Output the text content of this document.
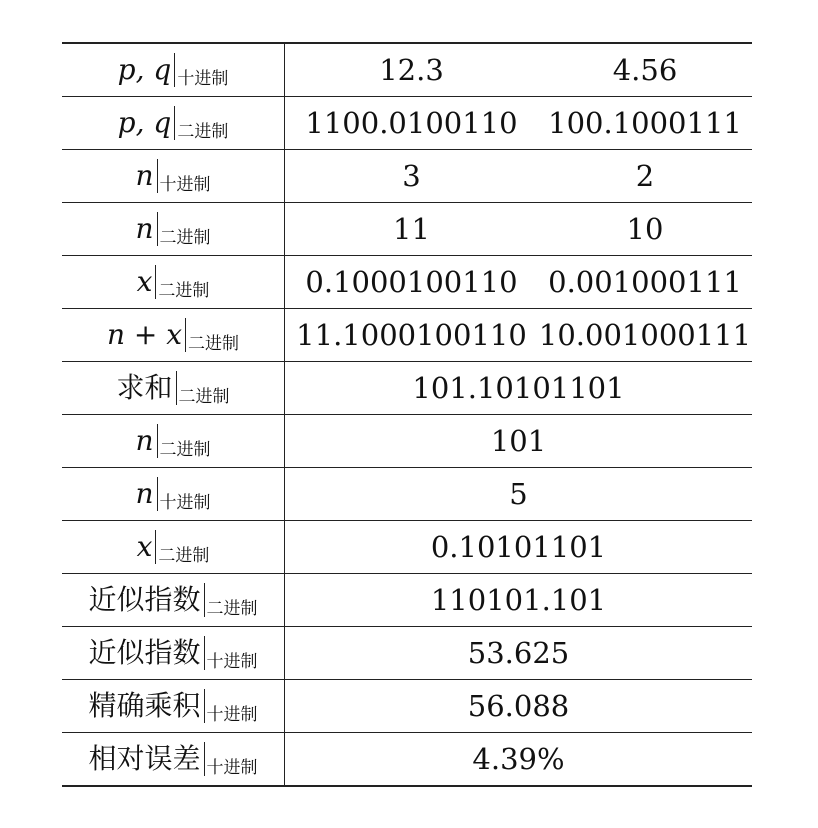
p, q 十进制	12.3	4.56
p, q 二进制	1100.0100110	100.1000111
n 十进制	3	2
n 二进制	11	10
x 二进制	0.1000100110	0.001000111
n + x 二进制	11.1000100110 10.001000111
求和 二进制	101.10101101
n 二进制	101
n 十进制	5
x 二进制	0.10101101
近似指数 二进制	110101.101
近似指数 十进制	53.625
精确乘积 十进制	56.088
相对误差 十进制	4.39%
